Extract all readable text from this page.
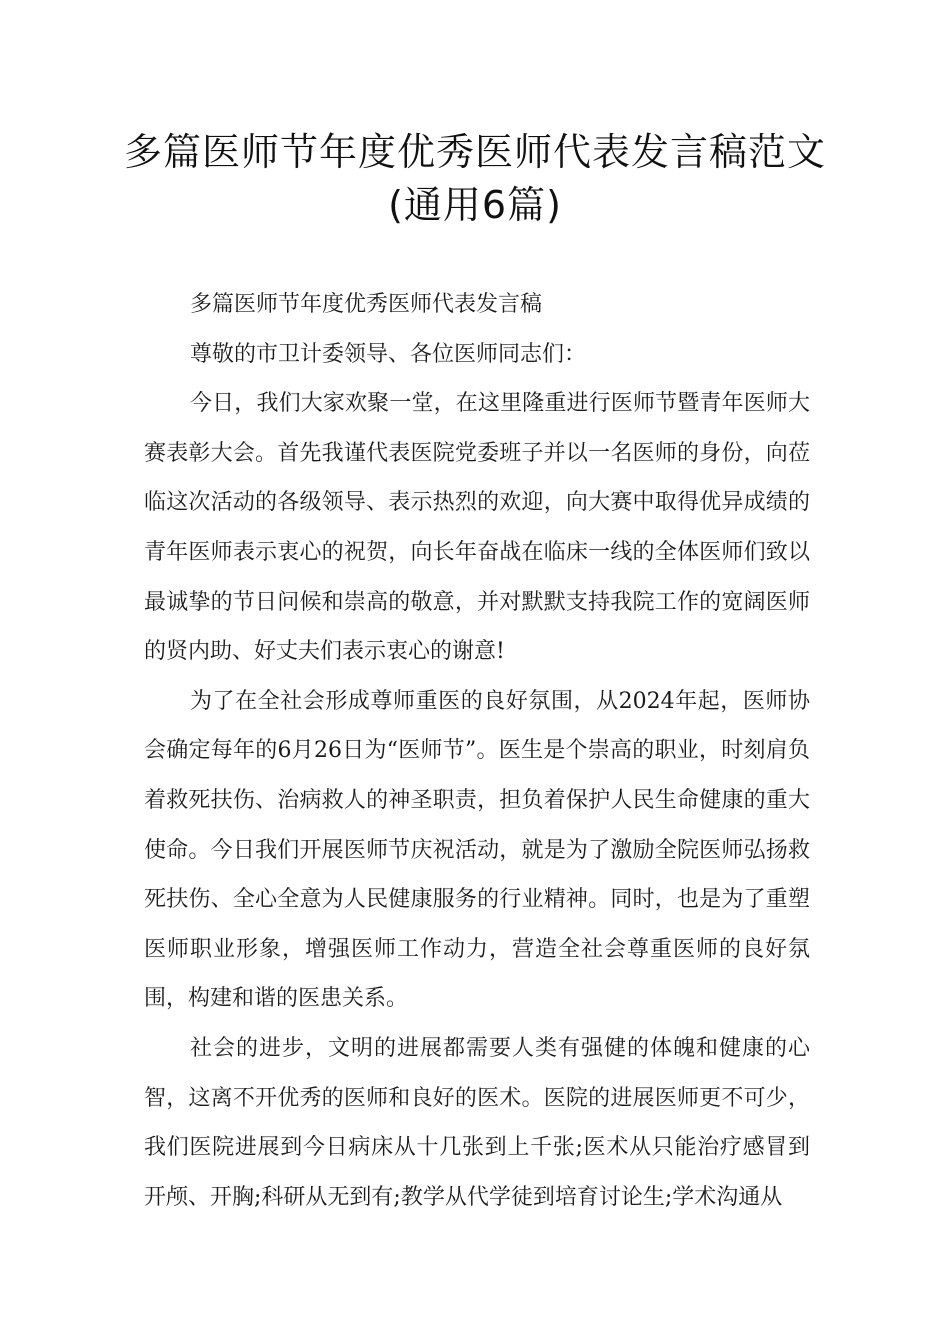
多篇医师节年度优秀医师代表发言稿范文(通用6篇)

多篇医师节年度优秀医师代表发言稿

尊敬的市卫计委领导、各位医师同志们：

今日，我们大家欢聚一堂，在这里隆重进行医师节暨青年医师大赛表彰大会。首先我谨代表医院党委班子并以一名医师的身份，向莅临这次活动的各级领导、表示热烈的欢迎，向大赛中取得优异成绩的青年医师表示衷心的祝贺，向长年奋战在临床一线的全体医师们致以最诚挚的节日问候和崇高的敬意，并对默默支持我院工作的宽阔医师的贤内助、好丈夫们表示衷心的谢意!

为了在全社会形成尊师重医的良好氛围，从2024年起，医师协会确定每年的6月26日为“医师节”。医生是个崇高的职业，时刻肩负着救死扶伤、治病救人的神圣职责，担负着保护人民生命健康的重大使命。今日我们开展医师节庆祝活动，就是为了激励全院医师弘扬救死扶伤、全心全意为人民健康服务的行业精神。同时，也是为了重塑医师职业形象，增强医师工作动力，营造全社会尊重医师的良好氛围，构建和谐的医患关系。

社会的进步，文明的进展都需要人类有强健的体魄和健康的心智，这离不开优秀的医师和良好的医术。医院的进展医师更不可少，我们医院进展到今日病床从十几张到上千张;医术从只能治疗感冒到开颅、开胸;科研从无到有;教学从代学徒到培育讨论生;学术沟通从
